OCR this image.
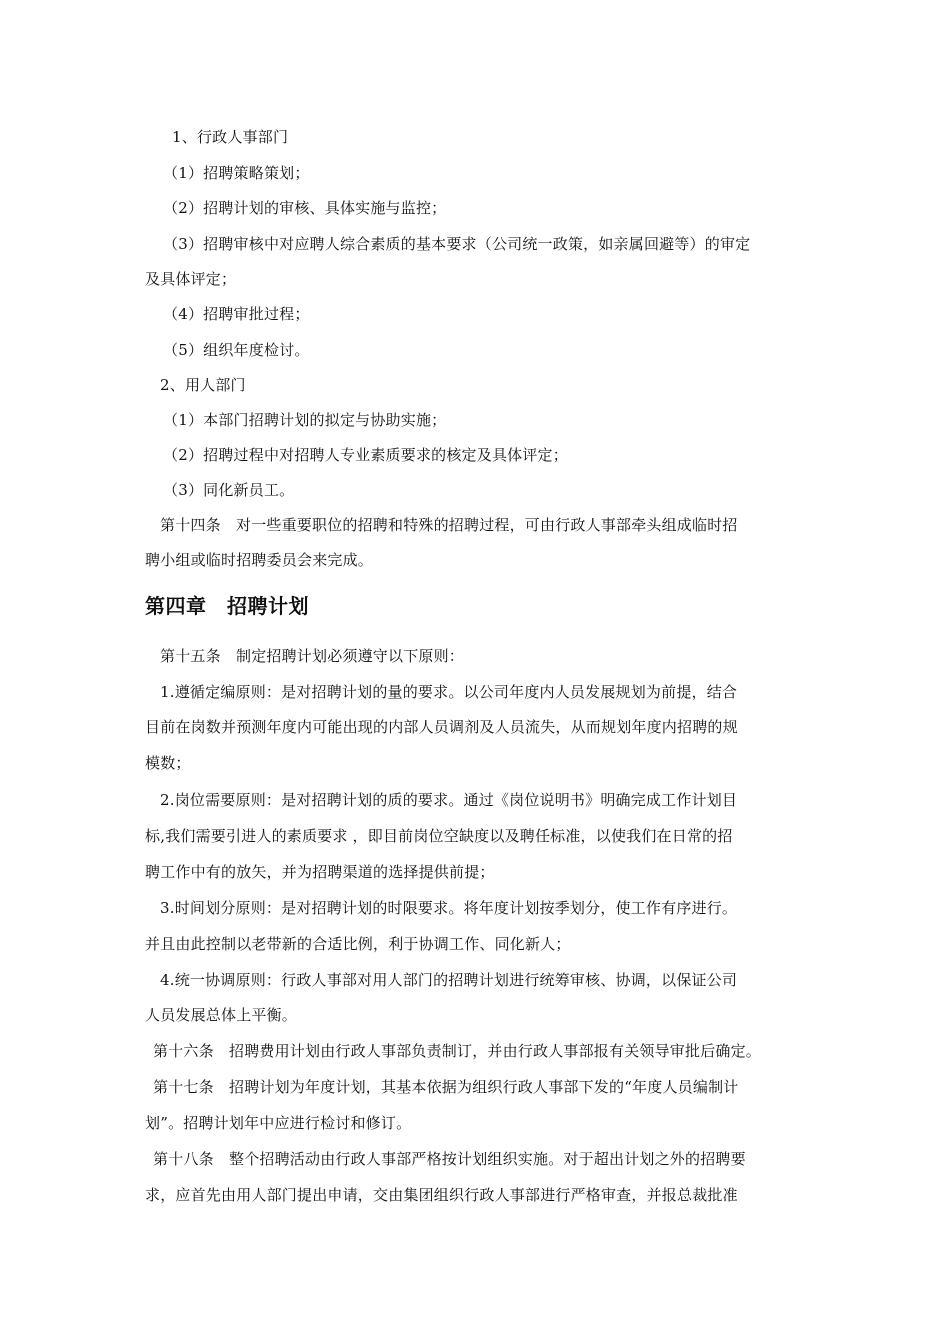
1、行政人事部门
（1）招聘策略策划；
（2）招聘计划的审核、具体实施与监控；
（3）招聘审核中对应聘人综合素质的基本要求（公司统一政策，如亲属回避等）的审定
及具体评定；
（4）招聘审批过程；
（5）组织年度检讨。
2、用人部门
（1）本部门招聘计划的拟定与协助实施；
（2）招聘过程中对招聘人专业素质要求的核定及具体评定；
（3）同化新员工。
第十四条　对一些重要职位的招聘和特殊的招聘过程，可由行政人事部牵头组成临时招
聘小组或临时招聘委员会来完成。
第四章　招聘计划
第十五条　制定招聘计划必须遵守以下原则：
1.遵循定编原则：是对招聘计划的量的要求。以公司年度内人员发展规划为前提，结合
目前在岗数并预测年度内可能出现的内部人员调剂及人员流失，从而规划年度内招聘的规
模数；
2.岗位需要原则：是对招聘计划的质的要求。通过《岗位说明书》明确完成工作计划目
标,我们需要引进人的素质要求 ，即目前岗位空缺度以及聘任标准，以使我们在日常的招
聘工作中有的放矢，并为招聘渠道的选择提供前提；
3.时间划分原则：是对招聘计划的时限要求。将年度计划按季划分，使工作有序进行。
并且由此控制以老带新的合适比例，利于协调工作、同化新人；
4.统一协调原则：行政人事部对用人部门的招聘计划进行统筹审核、协调，以保证公司
人员发展总体上平衡。
第十六条　招聘费用计划由行政人事部负责制订，并由行政人事部报有关领导审批后确定。
第十七条　招聘计划为年度计划，其基本依据为组织行政人事部下发的“年度人员编制计
划”。招聘计划年中应进行检讨和修订。
第十八条　整个招聘活动由行政人事部严格按计划组织实施。对于超出计划之外的招聘要
求，应首先由用人部门提出申请，交由集团组织行政人事部进行严格审查，并报总裁批准
